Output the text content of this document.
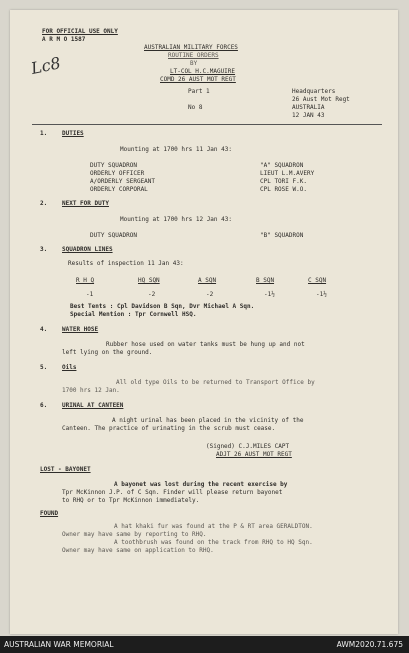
FOR OFFICIAL USE ONLY
A R M O 1587
Lc8
AUSTRALIAN MILITARY FORCES
ROUTINE ORDERS
BY
LT-COL H.C.MAGUIRE
COMD 26 AUST MOT REGT
Part 1
No 8
Headquarters
26 Aust Mot Regt
AUSTRALIA
12 JAN 43
1. DUTIES
Mounting at 1700 hrs 11 Jan 43:
DUTY SQUADRON	"A" SQUADRON
ORDERLY OFFICER	LIEUT L.M.AVERY
A/ORDERLY SERGEANT	CPL TORI F.K.
ORDERLY CORPORAL	CPL ROSE W.O.
2. NEXT FOR DUTY
Mounting at 1700 hrs 12 Jan 43:
DUTY SQUADRON	"B" SQUADRON
3. SQUADRON LINES
Results of inspection 11 Jan 43:
R H Q	HQ SQN	A SQN	B SQN	C SQN
-1	-2	-2	-1½	-1½
Best Tents : Cpl Davidson B Sqn, Dvr Michael A Sqn.
Special Mention : Tpr Cornwell HSQ.
4. WATER HOSE
Rubber hose used on water tanks must be hung up and not
left lying on the ground.
5. Oils
All old type Oils to be returned to Transport Office by
1700 hrs 12 Jan.
6. URINAL AT CANTEEN
A night urinal has been placed in the vicinity of the
Canteen. The practice of urinating in the scrub must cease.
(Signed) C.J.MILES CAPT
ADJT 26 AUST MOT REGT
LOST - BAYONET
A bayonet was lost during the recent exercise by
Tpr McKinnon J.P. of C Sqn. Finder will please return bayonet
to RHQ or to Tpr McKinnon immediately.
FOUND
A hat khaki fur was found at the P & RT area GERALDTON.
Owner may have same by reporting to RHQ.
A toothbrush was found on the track from RHQ to HQ Sqn.
Owner may have same on application to RHQ.
AUSTRALIAN WAR MEMORIAL	AWM2020.71.675
